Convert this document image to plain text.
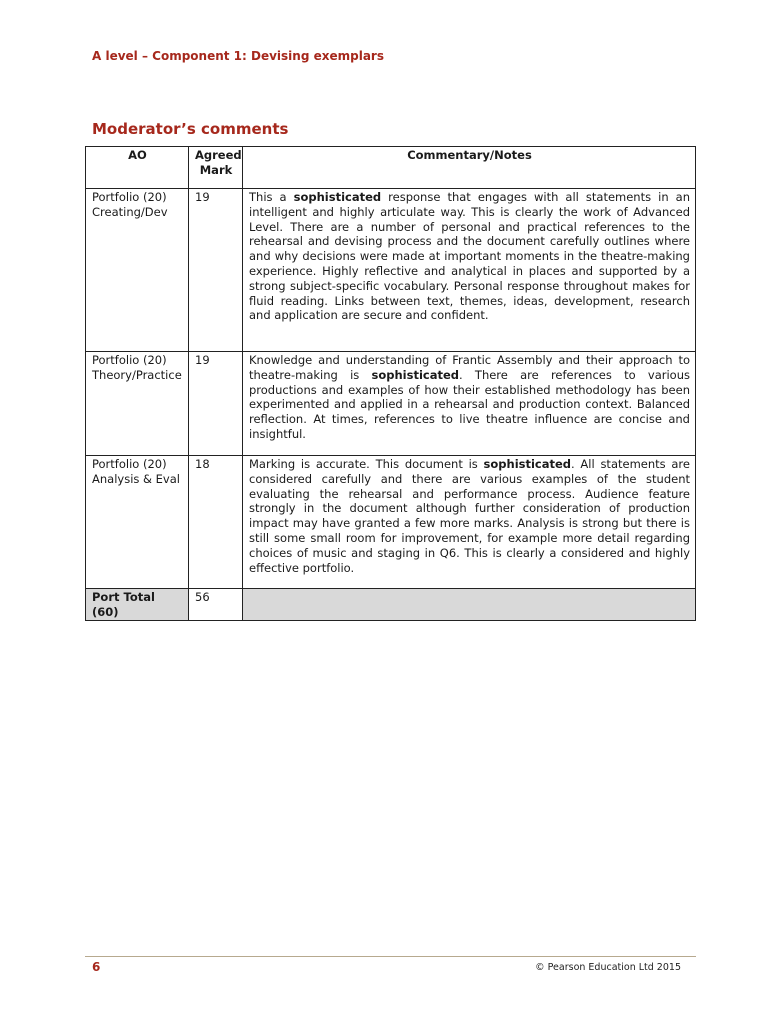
A level – Component 1: Devising exemplars
Moderator’s comments
AO	Agreed Mark	Commentary/Notes
Portfolio (20)
Creating/Dev	19	This a sophisticated response that engages with all statements in an intelligent and highly articulate way. This is clearly the work of Advanced Level. There are a number of personal and practical references to the rehearsal and devising process and the document carefully outlines where and why decisions were made at important moments in the theatre-making experience. Highly reflective and analytical in places and supported by a strong subject-specific vocabulary. Personal response throughout makes for fluid reading. Links between text, themes, ideas, development, research and application are secure and confident.
Portfolio (20)
Theory/Practice	19	Knowledge and understanding of Frantic Assembly and their approach to theatre-making is sophisticated. There are references to various productions and examples of how their established methodology has been experimented and applied in a rehearsal and production context. Balanced reflection. At times, references to live theatre influence are concise and insightful.
Portfolio (20)
Analysis & Eval	18	Marking is accurate. This document is sophisticated. All statements are considered carefully and there are various examples of the student evaluating the rehearsal and performance process. Audience feature strongly in the document although further consideration of production impact may have granted a few more marks. Analysis is strong but there is still some small room for improvement, for example more detail regarding choices of music and staging in Q6. This is clearly a considered and highly effective portfolio.
Port Total
(60)	56	
6	© Pearson Education Ltd 2015
